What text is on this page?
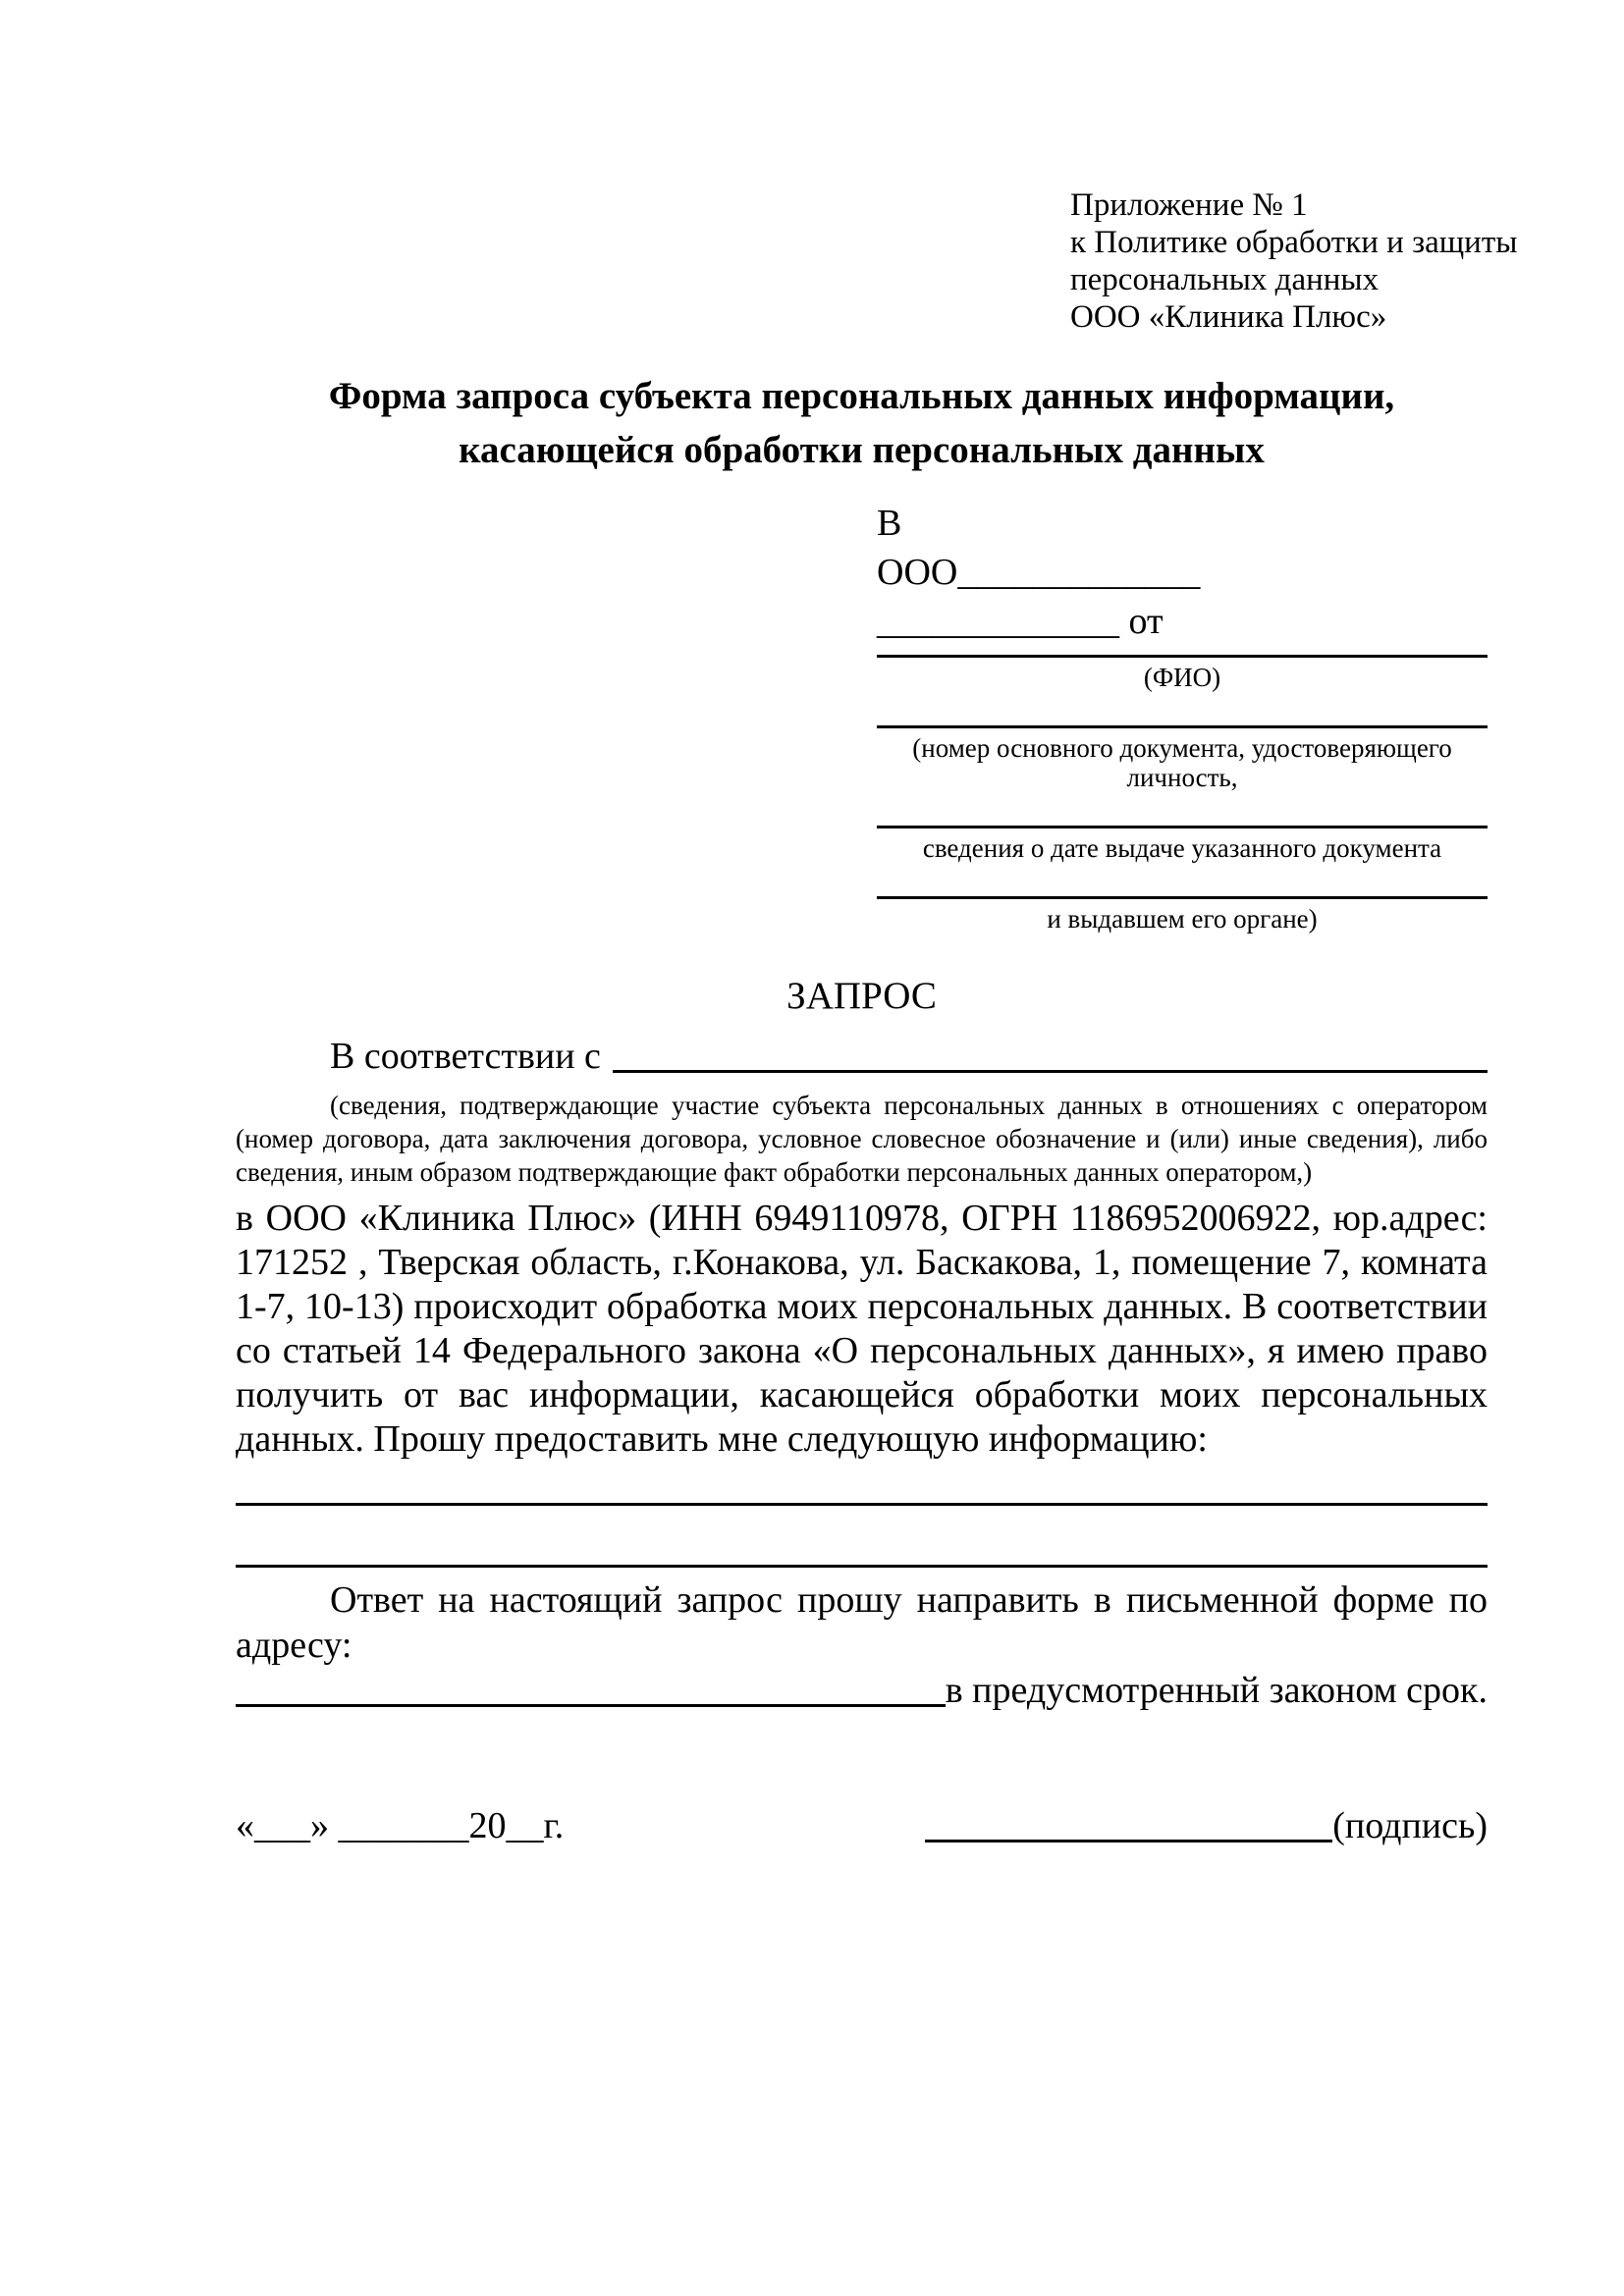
Приложение № 1
к Политике обработки и защиты
персональных данных
ООО «Клиника Плюс»
Форма запроса субъекта персональных данных информации,
касающейся обработки персональных данных
В
ООО_____________
_____________ от
(ФИО)
(номер основного документа, удостоверяющего личность,
сведения о дате выдаче указанного документа
и выдавшем его органе)
ЗАПРОС
В соответствии с
(сведения, подтверждающие участие субъекта персональных данных в отношениях с оператором (номер договора, дата заключения договора, условное словесное обозначение и (или) иные сведения), либо сведения, иным образом подтверждающие факт обработки персональных данных оператором,)
в ООО «Клиника Плюс» (ИНН 6949110978, ОГРН 1186952006922, юр.адрес: 171252 , Тверская область, г.Конакова, ул. Баскакова, 1, помещение 7, комната 1-7, 10-13) происходит обработка моих персональных данных. В соответствии со статьей 14 Федерального закона «О персональных данных», я имею право получить от вас информации, касающейся обработки моих персональных данных. Прошу предоставить мне следующую информацию:
Ответ на настоящий запрос прошу направить в письменной форме по адресу:
в предусмотренный законом срок.
«___» _______20__г.	(подпись)
